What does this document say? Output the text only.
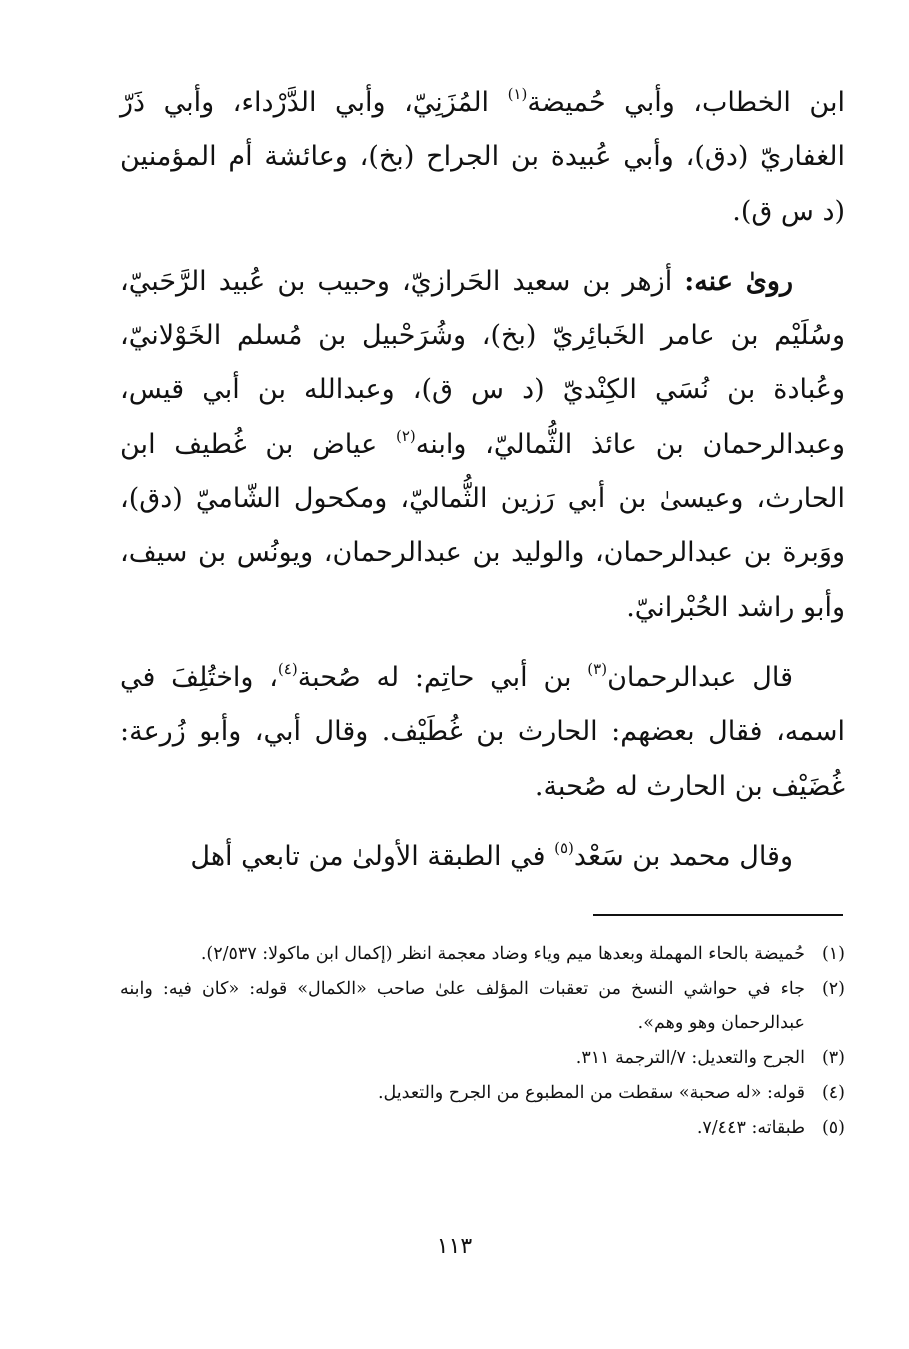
ابن الخطاب، وأبي حُميضة$^{(١)}$ المُزَنِيّ، وأبي الدَّرْداء، وأبي ذَرّ الغفاريّ (دق)، وأبي عُبيدة بن الجراح (بخ)، وعائشة أم المؤمنين (د س ق).

روىٰ عنه: أزهر بن سعيد الحَرازيّ، وحبيب بن عُبيد الرَّحَبيّ، وسُلَيْم بن عامر الخَبائِريّ (بخ)، وشُرَحْبيل بن مُسلم الخَوْلانيّ، وعُبادة بن نُسَي الكِنْديّ (د س ق)، وعبدالله بن أبي قيس، وعبدالرحمان بن عائذ الثُّماليّ، وابنه$^{(٢)}$ عياض بن غُطيف ابن الحارث، وعيسىٰ بن أبي رَزين الثُّماليّ، ومكحول الشّاميّ (دق)، ووَبرة بن عبدالرحمان، والوليد بن عبدالرحمان، ويونُس بن سيف، وأبو راشد الحُبْرانيّ.

قال عبدالرحمان$^{(٣)}$ بن أبي حاتِم: له صُحبة$^{(٤)}$، واختُلِفَ في اسمه، فقال بعضهم: الحارث بن غُطَيْف. وقال أبي، وأبو زُرعة: غُضَيْف بن الحارث له صُحبة.

وقال محمد بن سَعْد$^{(٥)}$ في الطبقة الأولىٰ من تابعي أهل

(١)
حُميضة بالحاء المهملة وبعدها ميم وياء وضاد معجمة انظر (إكمال ابن ماكولا: ٢/٥٣٧).
(٢)
جاء في حواشي النسخ من تعقبات المؤلف علىٰ صاحب «الكمال» قوله: «كان فيه: وابنه عبدالرحمان وهو وهم».
(٣)
الجرح والتعديل: ٧/الترجمة ٣١١.
(٤)
قوله: «له صحبة» سقطت من المطبوع من الجرح والتعديل.
(٥)
طبقاته: ٧/٤٤٣.
١١٣
